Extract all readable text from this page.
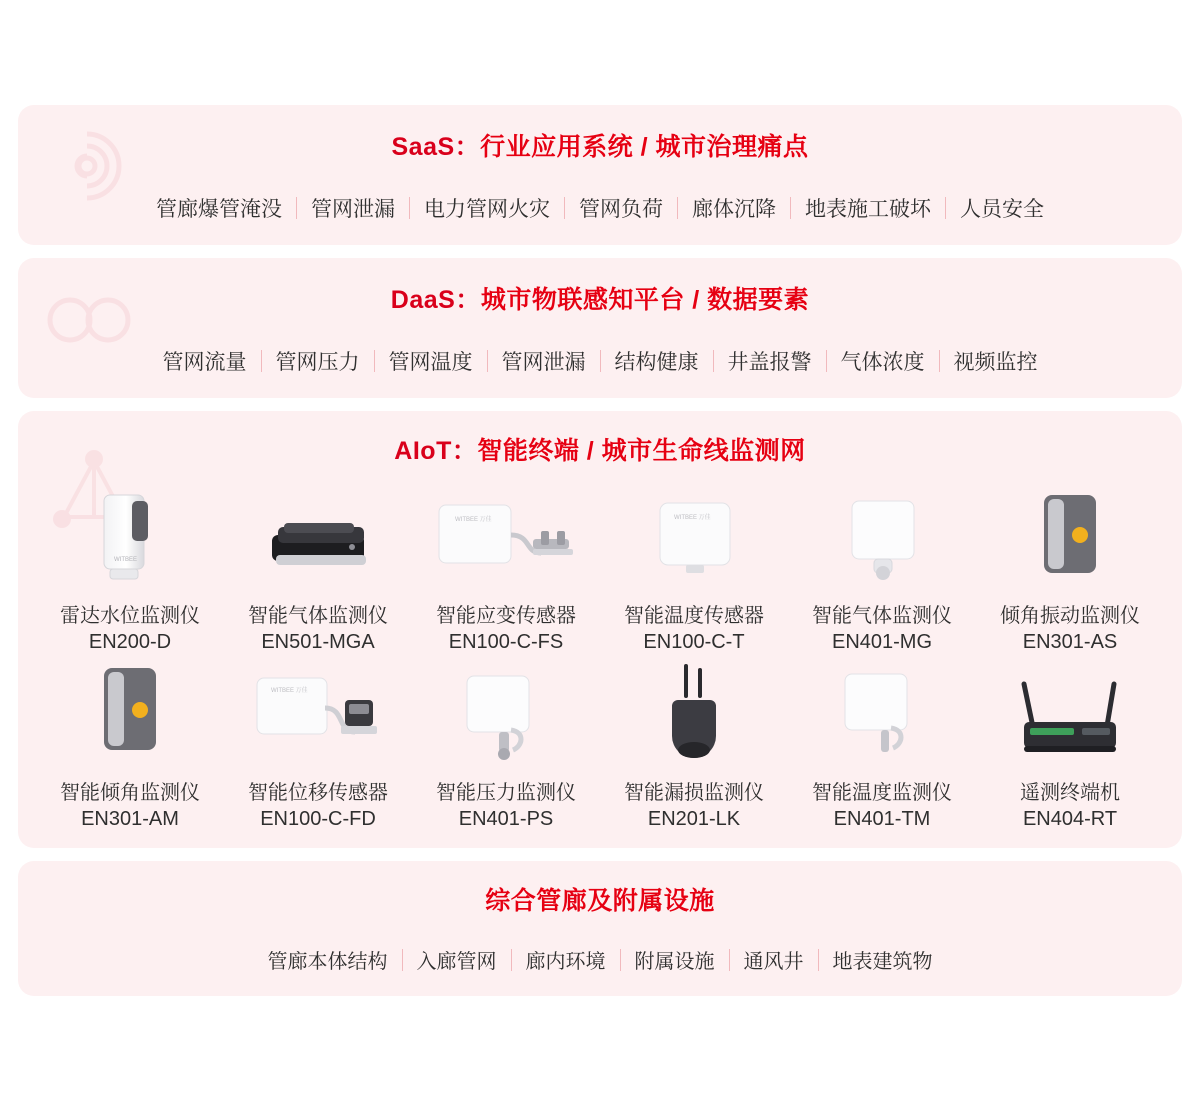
SaaS：行业应用系统 / 城市治理痛点
管廊爆管淹没	管网泄漏	电力管网火灾	管网负荷	廊体沉降	地表施工破坏	人员安全
DaaS：城市物联感知平台 / 数据要素
管网流量	管网压力	管网温度	管网泄漏	结构健康	井盖报警	气体浓度	视频监控
AIoT：智能终端 / 城市生命线监测网
WITBEE
雷达水位监测仪
EN200-D
智能气体监测仪
EN501-MGA
WITBEE 万佳
智能应变传感器
EN100-C-FS
WITBEE 万佳
智能温度传感器
EN100-C-T
智能气体监测仪
EN401-MG
倾角振动监测仪
EN301-AS
智能倾角监测仪
EN301-AM
WITBEE 万佳
智能位移传感器
EN100-C-FD
智能压力监测仪
EN401-PS
智能漏损监测仪
EN201-LK
智能温度监测仪
EN401-TM
遥测终端机
EN404-RT
综合管廊及附属设施
管廊本体结构	入廊管网	廊内环境	附属设施	通风井	地表建筑物
